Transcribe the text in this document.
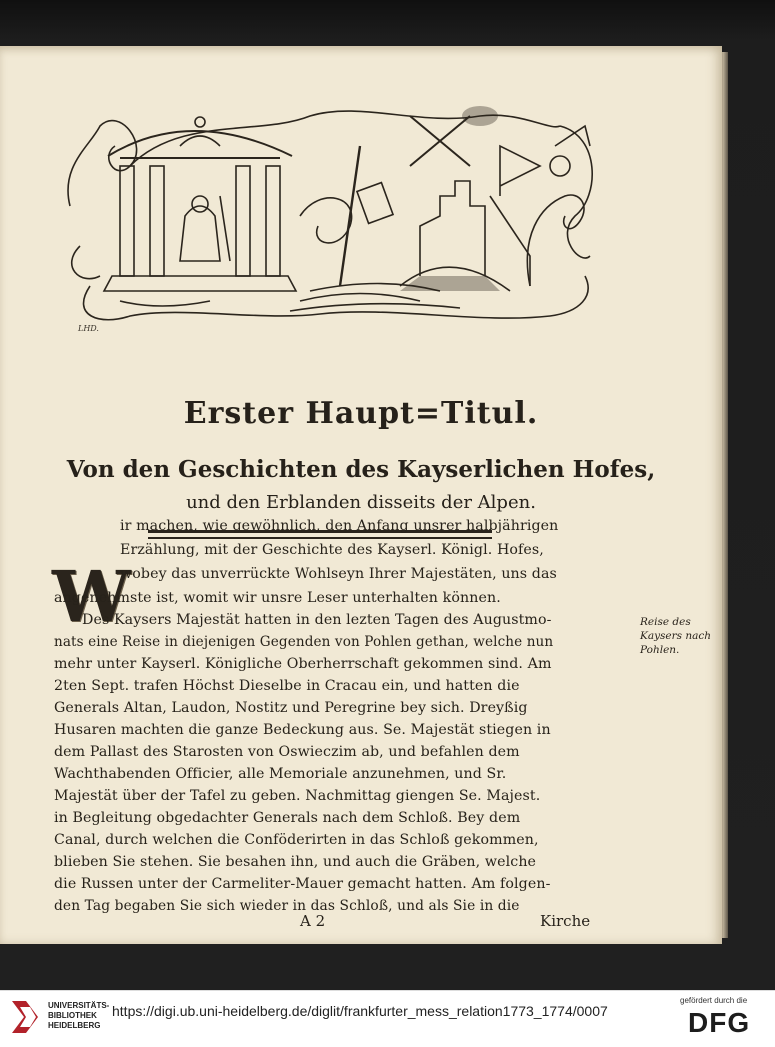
LHD.
Erster Haupt=Titul.
Von den Geschichten des Kayserlichen Hofes,
und den Erblanden disseits der Alpen.
W
ir machen, wie gewöhnlich, den Anfang unsrer halbjährigen
Erzählung, mit der Geschichte des Kayserl. Königl. Hofes,
wobey das unverrückte Wohlseyn Ihrer Majestäten, uns das
angenehmste ist, womit wir unsre Leser unterhalten können.
Des Kaysers Majestät hatten in den lezten Tagen des Augustmo-
nats eine Reise in diejenigen Gegenden von Pohlen gethan, welche nun
mehr unter Kayserl. Königliche Oberherrschaft gekommen sind. Am
2ten Sept. trafen Höchst Dieselbe in Cracau ein, und hatten die
Generals Altan, Laudon, Nostitz und Peregrine bey sich. Dreyßig
Husaren machten die ganze Bedeckung aus. Se. Majestät stiegen in
dem Pallast des Starosten von Oswieczim ab, und befahlen dem
Wachthabenden Officier, alle Memoriale anzunehmen, und Sr.
Majestät über der Tafel zu geben. Nachmittag giengen Se. Majest.
in Begleitung obgedachter Generals nach dem Schloß. Bey dem
Canal, durch welchen die Conföderirten in das Schloß gekommen,
blieben Sie stehen. Sie besahen ihn, und auch die Gräben, welche
die Russen unter der Carmeliter-Mauer gemacht hatten. Am folgen-
den Tag begaben Sie sich wieder in das Schloß, und als Sie in die
Reise des
Kaysers nach
Pohlen.
A 2	Kirche
UNIVERSITÄTS-
BIBLIOTHEK
HEIDELBERG
https://digi.ub.uni-heidelberg.de/diglit/frankfurter_mess_relation1773_1774/0007
gefördert durch die
DFG
